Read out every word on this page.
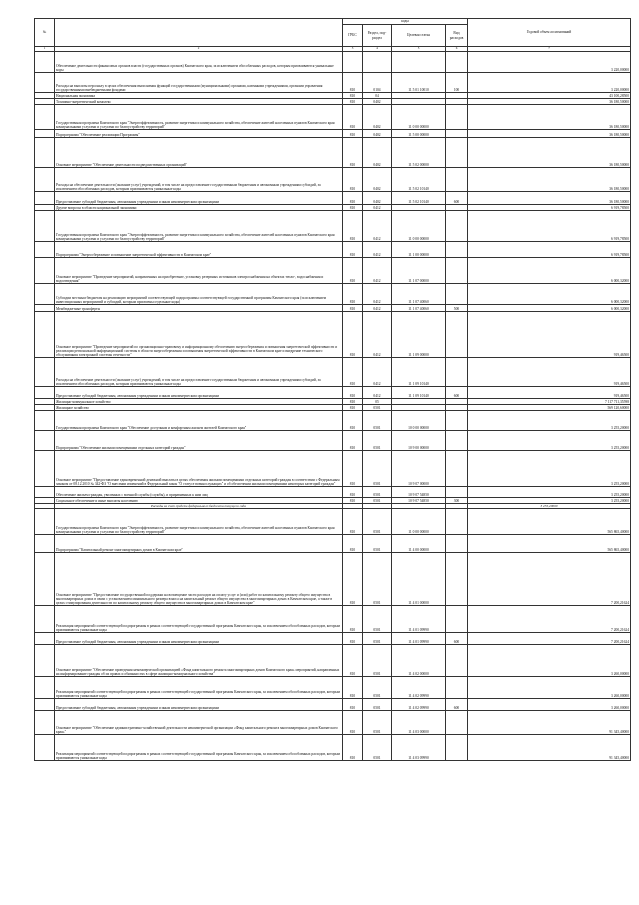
№		коды				Годовой объем ассигнований
		ГРБС	Раздел, под-раздел	Целевая статья	Вид расходов	
1	2	3	4	5	6	7
	Обеспечение деятельности финансовых органов власти (государственных органов) Камчатского края, за исключением обособленных расходов, которым присваиваются уникальные коды					3 220,00000
	Расходы на выплаты персоналу в целях обеспечения выполнения функций государственными (муниципальными) органами, казенными учреждениями, органами управления государственными внебюджетными фондами	810	0104	11 5 01 10010	100	3 220,00000
	Национальная экономика	810	04			43 100,28500
	Топливно-энергетический комплекс	810	0402			36 180,50000
	Государственная программа Камчатского края "Энергоэффективность, развитие энергетики и коммунального хозяйства, обеспечение жителей населенных пунктов Камчатского края коммунальными услугами и услугами по благоустройству территорий"	810	0402	11 0 00 00000		36 180,50000
	Подпрограмма "Обеспечение реализации Программы"	810	0402	11 5 00 00000		36 180,50000
	Основное мероприятие "Обеспечение деятельности подведомственных организаций"	810	0402	11 5 02 00000		36 180,50000
	Расходы на обеспечение деятельности (оказание услуг) учреждений, в том числе на предоставление государственным бюджетным и автономным учреждениям субсидий, за исключением обособленных расходов, которым присваиваются уникальные коды	810	0402	11 5 02 10140		36 180,50000
	Предоставление субсидий бюджетным, автономным учреждениям и иным некоммерческим организациям	810	0402	11 5 02 10140	600	36 180,50000
	Другие вопросы в области национальной экономики	810	0412			6 919,78500
	Государственная программа Камчатского края "Энергоэффективность, развитие энергетики и коммунального хозяйства, обеспечение жителей населенных пунктов Камчатского края коммунальными услугами и услугами по благоустройству территорий"	810	0412	11 0 00 00000		6 919,78500
	Подпрограмма "Энергосбережение и повышение энергетической эффективности в Камчатском крае"	810	0412	11 1 00 00000		6 919,78500
	Основное мероприятие "Проведение мероприятий, направленных на приобретение, установку резервных источников электроснабжения на объектах тепло-, водоснабжения и водоотведения"	810	0412	11 1 07 00000		6 000,32000
	Субсидии местным бюджетам на реализацию мероприятий соответствующей подпрограммы соответствующей государственной программы Камчатского края (за исключением инвестиционных мероприятий и субсидий, которым присвоены отдельные коды)	810	0412	11 1 07 40060		6 000,32000
	Межбюджетные трансферты	810	0412	11 1 07 40060	500	6 000,32000
	Основное мероприятие "Проведение мероприятий по организационно-правовому и информационному обеспечению энергосбережения и повышения энергетической эффективности и реализации региональной информационной системы в области энергосбережения и повышения энергетической эффективности в Камчатском крае и внедрение технического обслуживания электронной системы отчетности"	810	0412	11 1 09 00000		919,46500
	Расходы на обеспечение деятельности (оказание услуг) учреждений, в том числе на предоставление государственным бюджетным и автономным учреждениям субсидий, за исключением обособленных расходов, которым присваиваются уникальные коды	810	0412	11 1 09 10140		919,46500
	Предоставление субсидий бюджетным, автономным учреждениям и иным некоммерческим организациям	810	0412	11 1 09 10140	600	919,46500
	Жилищно-коммунальное хозяйство	810	05			7 117 711,35598
	Жилищное хозяйство	810	0501			569 120,60000
	Государственная программа Камчатского края "Обеспечение доступным и комфортным жильем жителей Камчатского края"	810	0501	10 0 00 00000		3 255,20000
	Подпрограмма "Обеспечение жилыми помещениями отдельных категорий граждан"	810	0501	10 9 00 00000		3 255,20000
	Основное мероприятие "Предоставление единовременной денежной выплаты в целях обеспечения жилыми помещениями отдельных категорий граждан в соответствии с Федеральным законом от 08.12.2010 № 342-ФЗ "О внесении изменений в Федеральный закон "О статусе военнослужащих" и об обеспечении жилыми помещениями некоторых категорий граждан"	810	0501	10 9 07 00000		3 255,20000
	Обеспечение жильем граждан, уволенных с военной службы (службы), и приравненных к ним лиц	810	0501	10 9 07 54850		3 255,20000
	Социальное обеспечение и иные выплаты населению	810	0501	10 9 07 54850	300	3 255,20000
	Расходы за счет средств федерального бюджета текущего года					3 255,20000
	Государственная программа Камчатского края "Энергоэффективность, развитие энергетики и коммунального хозяйства, обеспечение жителей населенных пунктов Камчатского края коммунальными услугами и услугами по благоустройству территорий"	810	0501	11 0 00 00000		565 865,40000
	Подпрограмма "Капитальный ремонт многоквартирных домов в Камчатском крае"	810	0501	11 4 00 00000		565 865,40000
	Основное мероприятие "Предоставление государственной поддержки на возмещение части расходов на оплату услуг и (или) работ по капитальному ремонту общего имущества в многоквартирных домах в связи с установлением минимального размера взноса на капитальный ремонт общего имущества в многоквартирных домах в Камчатском крае, а также в целях стимулирования деятельности по капитальному ремонту общего имущества в многоквартирных домах в Камчатском крае"	810	0501	11 4 01 00000		7 200,21624
	Реализация мероприятий соответствующей подпрограммы в рамках соответствующей государственной программы Камчатского края, за исключением обособленных расходов, которым присваиваются уникальные коды	810	0501	11 4 01 09990		7 200,21624
	Предоставление субсидий бюджетным, автономным учреждениям и иным некоммерческим организациям	810	0501	11 4 01 09990	600	7 200,21624
	Основное мероприятие "Обеспечение проведения некоммерческой организацией «Фонд капитального ремонта многоквартирных домов Камчатского края» мероприятий, направленных на информирование граждан об их правах и обязанностях в сфере жилищно-коммунального хозяйства"	810	0501	11 4 02 00000		3 260,00000
	Реализация мероприятий соответствующей подпрограммы в рамках соответствующей государственной программы Камчатского края, за исключением обособленных расходов, которым присваиваются уникальные коды	810	0501	11 4 02 09990		3 260,00000
	Предоставление субсидий бюджетным, автономным учреждениям и иным некоммерческим организациям	810	0501	11 4 02 09990	600	3 260,00000
	Основное мероприятие "Обеспечение административно-хозяйственной деятельности некоммерческой организации «Фонд капитального ремонта многоквартирных домов Камчатского края»"	810	0501	11 4 03 00000		91 345,40000
	Реализация мероприятий соответствующей подпрограммы в рамках соответствующей государственной программы Камчатского края, за исключением обособленных расходов, которым присваиваются уникальные коды	810	0501	11 4 03 09990		91 345,40000
